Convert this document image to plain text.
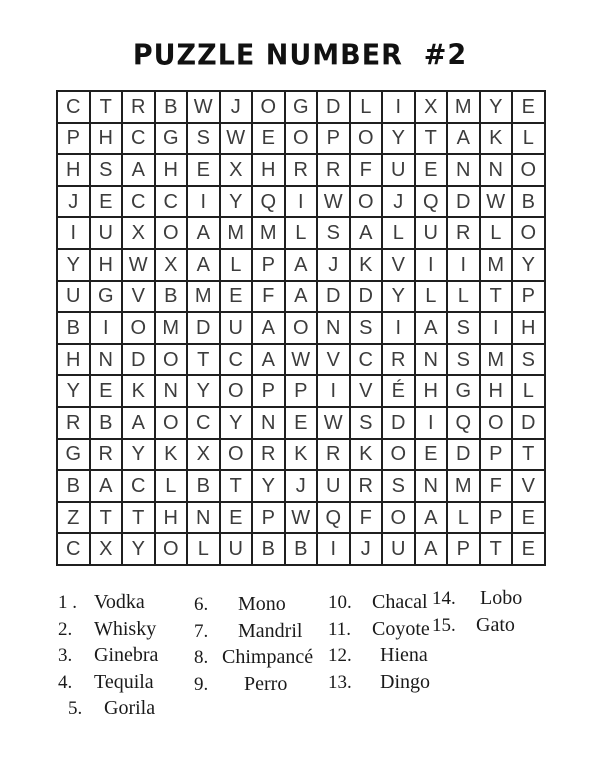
PUZZLE NUMBER  #2
C	T	R	B	W	J	O	G	D	L	I	X	M	Y	E
P	H	C	G	S	W	E	O	P	O	Y	T	A	K	L
H	S	A	H	E	X	H	R	R	F	U	E	N	N	O
J	E	C	C	I	Y	Q	I	W	O	J	Q	D	W	B
I	U	X	O	A	M	M	L	S	A	L	U	R	L	O
Y	H	W	X	A	L	P	A	J	K	V	I	I	M	Y
U	G	V	B	M	E	F	A	D	D	Y	L	L	T	P
B	I	O	M	D	U	A	O	N	S	I	A	S	I	H
H	N	D	O	T	C	A	W	V	C	R	N	S	M	S
Y	E	K	N	Y	O	P	P	I	V	É	H	G	H	L
R	B	A	O	C	Y	N	E	W	S	D	I	Q	O	D
G	R	Y	K	X	O	R	K	R	K	O	E	D	P	T
B	A	C	L	B	T	Y	J	U	R	S	N	M	F	V
Z	T	T	H	N	E	P	W	Q	F	O	A	L	P	E
C	X	Y	O	L	U	B	B	I	J	U	A	P	T	E
1 . Vodka
2.	Whisky
3.	Ginebra
4.	Tequila
5.	Gorila
6.	Mono
7.	Mandril
8. Chimpancé
9.	Perro
10.	Chacal
11.	Coyote
12.	Hiena
13.	Dingo
14.	Lobo
15.	Gato
